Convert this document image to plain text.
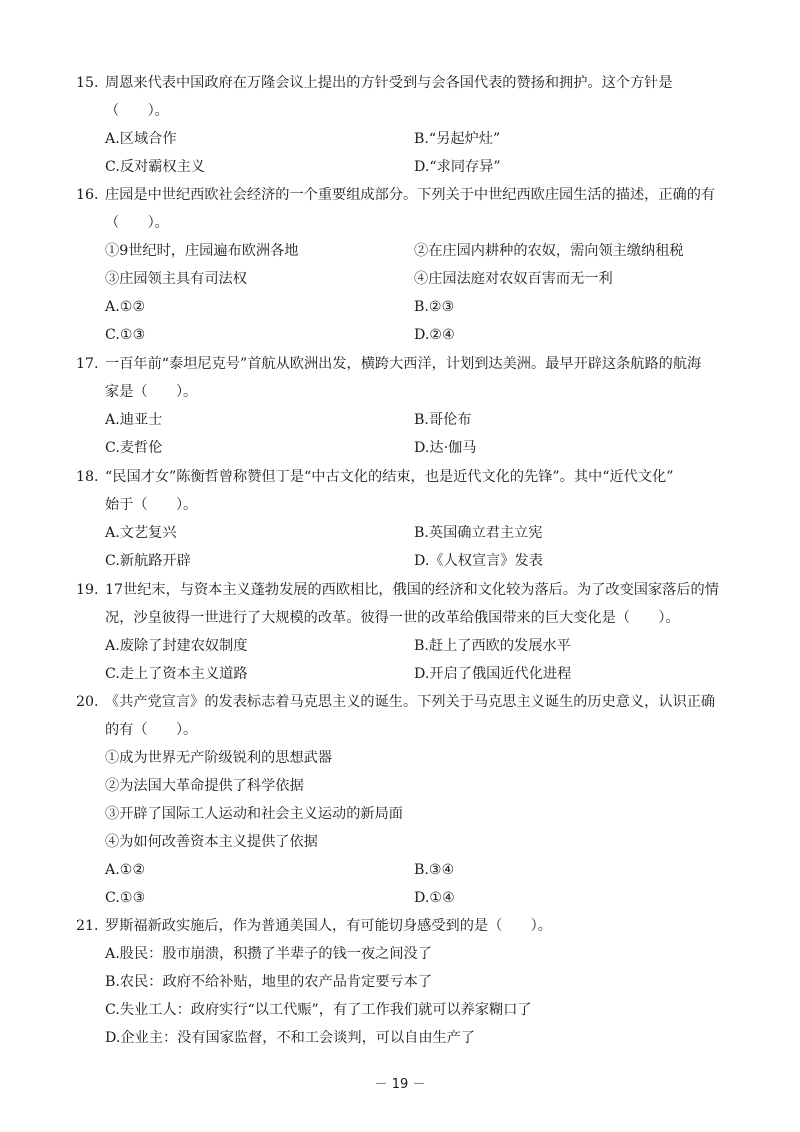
15. 周恩来代表中国政府在万隆会议上提出的方针受到与会各国代表的赞扬和拥护。这个方针是
（　　）。
A.区域合作	B.“另起炉灶”
C.反对霸权主义	D.“求同存异”
16. 庄园是中世纪西欧社会经济的一个重要组成部分。下列关于中世纪西欧庄园生活的描述，正确的有
（　　）。
①9世纪时，庄园遍布欧洲各地	②在庄园内耕种的农奴，需向领主缴纳租税
③庄园领主具有司法权	④庄园法庭对农奴百害而无一利
A.①②	B.②③
C.①③	D.②④
17. 一百年前“泰坦尼克号”首航从欧洲出发，横跨大西洋，计划到达美洲。最早开辟这条航路的航海
家是（　　）。
A.迪亚士	B.哥伦布
C.麦哲伦	D.达·伽马
18. “民国才女”陈衡哲曾称赞但丁是“中古文化的结束，也是近代文化的先锋”。其中“近代文化”
始于（　　）。
A.文艺复兴	B.英国确立君主立宪
C.新航路开辟	D.《人权宣言》发表
19. 17世纪末，与资本主义蓬勃发展的西欧相比，俄国的经济和文化较为落后。为了改变国家落后的情
况，沙皇彼得一世进行了大规模的改革。彼得一世的改革给俄国带来的巨大变化是（　　）。
A.废除了封建农奴制度	B.赶上了西欧的发展水平
C.走上了资本主义道路	D.开启了俄国近代化进程
20. 《共产党宣言》的发表标志着马克思主义的诞生。下列关于马克思主义诞生的历史意义，认识正确
的有（　　）。
①成为世界无产阶级锐利的思想武器
②为法国大革命提供了科学依据
③开辟了国际工人运动和社会主义运动的新局面
④为如何改善资本主义提供了依据
A.①②	B.③④
C.①③	D.①④
21. 罗斯福新政实施后，作为普通美国人，有可能切身感受到的是（　　）。
A.股民：股市崩溃，积攒了半辈子的钱一夜之间没了
B.农民：政府不给补贴，地里的农产品肯定要亏本了
C.失业工人：政府实行“以工代赈”，有了工作我们就可以养家糊口了
D.企业主：没有国家监督，不和工会谈判，可以自由生产了
－ 19 －
